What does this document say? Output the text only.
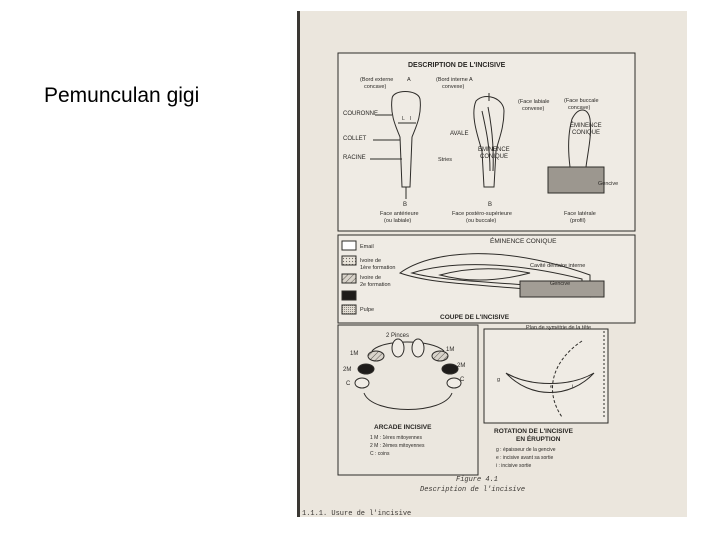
Pemunculan gigi
DESCRIPTION DE L'INCISIVE
(Bord externe
concave)
A	(Bord interne A
convexe)
COURONNE
COLLET
RACINE
AVALE
Stries
L I
B
Face antérieure
(ou labiale)
ÉMINENCE
CONIQUE
(Face labiale
convexe)
B
Face postéro-supérieure
(ou buccale)
(Face buccale
concave)
ÉMINENCE
CONIQUE
Gencive
Face latérale
(profil)
Email
Ivoire de
1ère formation
Ivoire de
2e formation
Pulpe
ÉMINENCE CONIQUE
Cavité dentaire interne
Gencive
COUPE DE L'INCISIVE
2 Pinces
1M
2M
C
1M
2M
C
ARCADE INCISIVE
1 M : 1ères mitoyennes
2 M : 2èmes mitoyennes
C : coins
Plan de symétrie de la tête
g
e	i
ROTATION DE L'INCISIVE
EN ÉRUPTION
g : épaisseur de la gencive
e : incisive avant sa sortie
i : incisive sortie
Figure 4.1
Description de l'incisive
1.1.1. Usure de l'incisive
